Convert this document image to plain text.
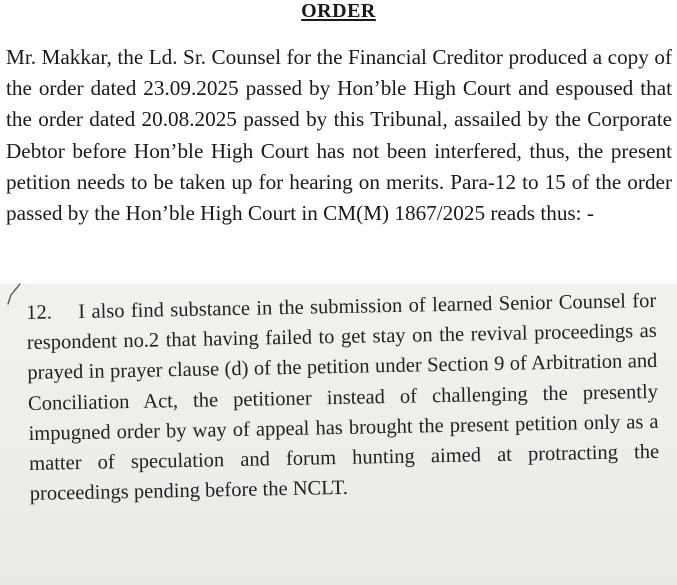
ORDER

Mr. Makkar, the Ld. Sr. Counsel for the Financial Creditor produced a copy of
the order dated 23.09.2025 passed by Hon’ble High Court and espoused that
the order dated 20.08.2025 passed by this Tribunal, assailed by the Corporate
Debtor before Hon’ble High Court has not been interfered, thus, the present
petition needs to be taken up for hearing on merits. Para-12 to 15 of the order
passed by the Hon’ble High Court in CM(M) 1867/2025 reads thus: -

12. I also find substance in the submission of learned Senior Counsel for
respondent no.2 that having failed to get stay on the revival proceedings as
prayed in prayer clause (d) of the petition under Section 9 of Arbitration and
Conciliation Act, the petitioner instead of challenging the presently
impugned order by way of appeal has brought the present petition only as a
matter of speculation and forum hunting aimed at protracting the
proceedings pending before the NCLT.
